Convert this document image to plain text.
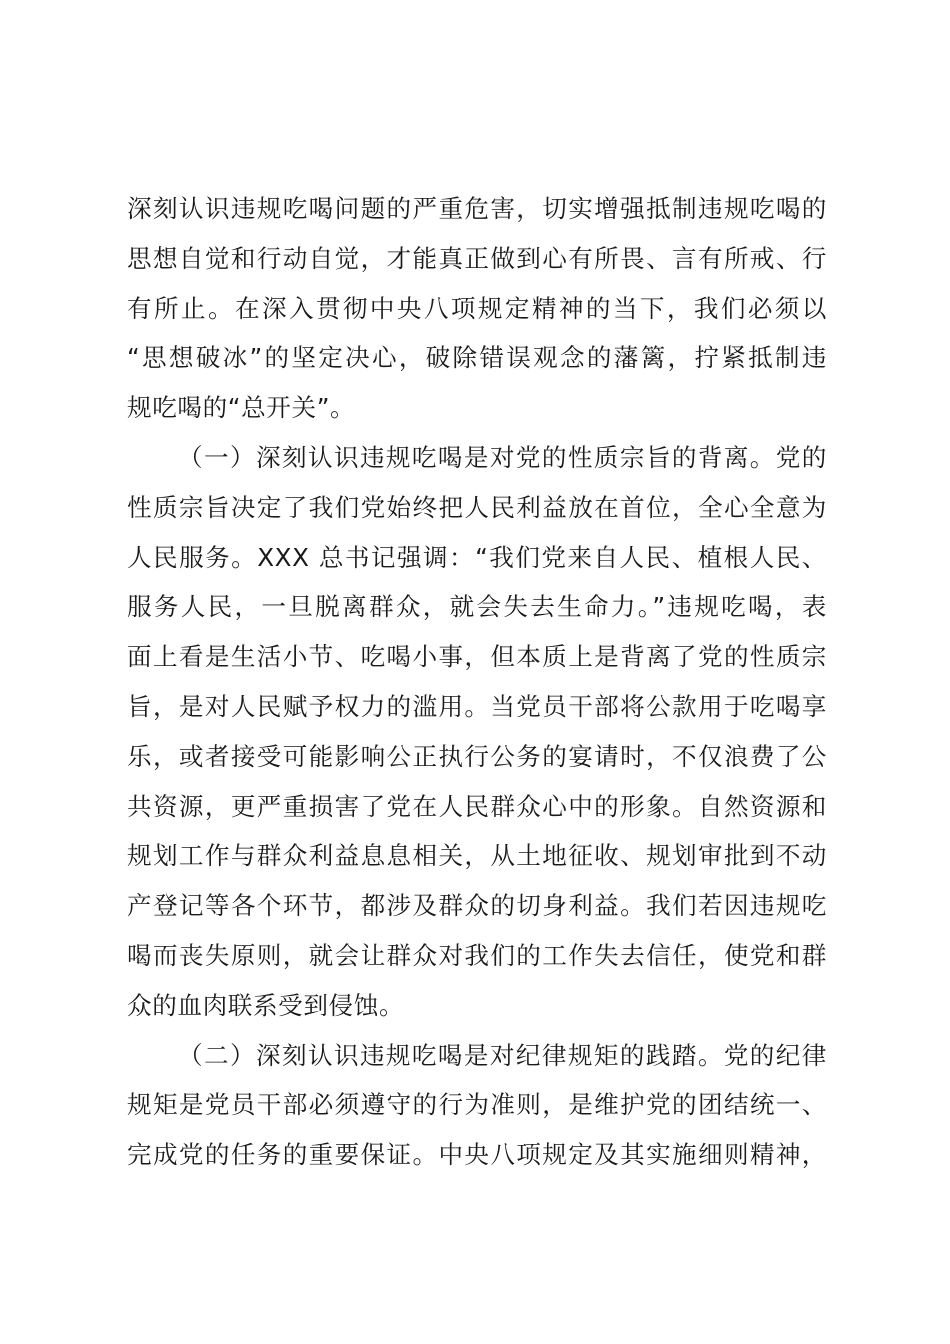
深刻认识违规吃喝问题的严重危害，切实增强抵制违规吃喝的
思想自觉和行动自觉，才能真正做到心有所畏、言有所戒、行
有所止。在深入贯彻中央八项规定精神的当下，我们必须以
“思想破冰”的坚定决心，破除错误观念的藩篱，拧紧抵制违
规吃喝的“总开关”。
（一）深刻认识违规吃喝是对党的性质宗旨的背离。党的
性质宗旨决定了我们党始终把人民利益放在首位，全心全意为
人民服务。XXX 总书记强调：“我们党来自人民、植根人民、
服务人民，一旦脱离群众，就会失去生命力。”违规吃喝，表
面上看是生活小节、吃喝小事，但本质上是背离了党的性质宗
旨，是对人民赋予权力的滥用。当党员干部将公款用于吃喝享
乐，或者接受可能影响公正执行公务的宴请时，不仅浪费了公
共资源，更严重损害了党在人民群众心中的形象。自然资源和
规划工作与群众利益息息相关，从土地征收、规划审批到不动
产登记等各个环节，都涉及群众的切身利益。我们若因违规吃
喝而丧失原则，就会让群众对我们的工作失去信任，使党和群
众的血肉联系受到侵蚀。
（二）深刻认识违规吃喝是对纪律规矩的践踏。党的纪律
规矩是党员干部必须遵守的行为准则，是维护党的团结统一、
完成党的任务的重要保证。中央八项规定及其实施细则精神，
